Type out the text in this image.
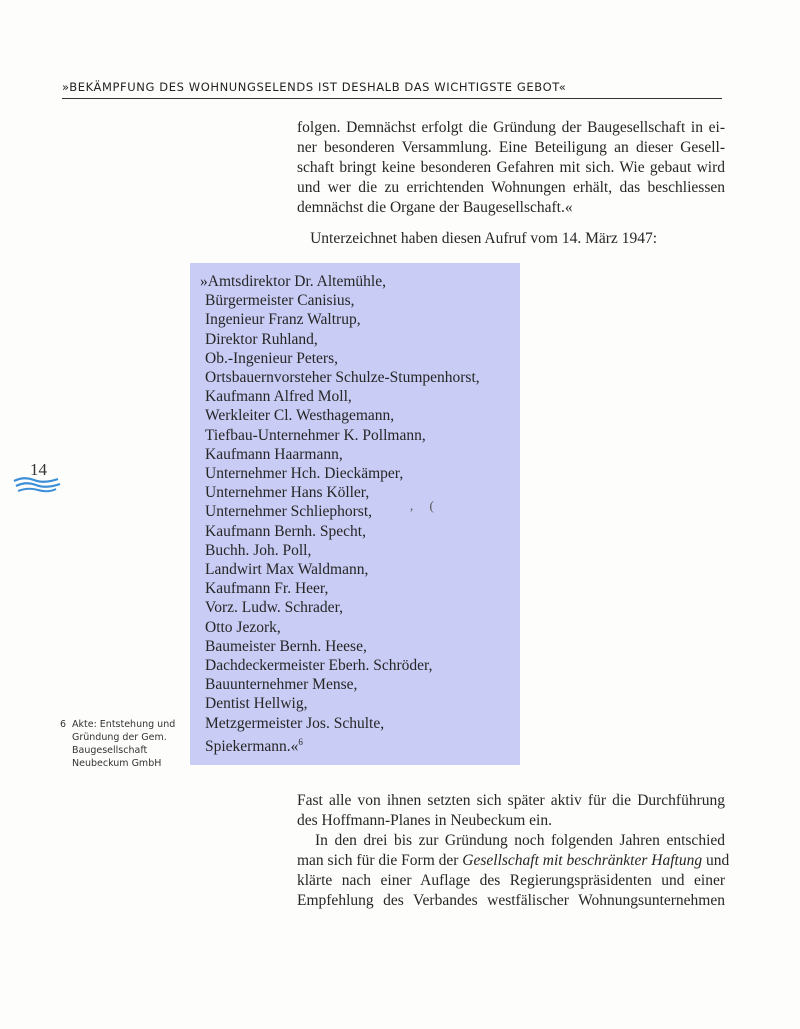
»BEKÄMPFUNG DES WOHNUNGSELENDS IST DESHALB DAS WICHTIGSTE GEBOT«
folgen. Demnächst erfolgt die Gründung der Baugesellschaft in ei-
ner besonderen Versammlung. Eine Beteiligung an dieser Gesell-
schaft bringt keine besonderen Gefahren mit sich. Wie gebaut wird
und wer die zu errichtenden Wohnungen erhält, das beschliessen
demnächst die Organe der Baugesellschaft.«
Unterzeichnet haben diesen Aufruf vom 14. März 1947:
»Amtsdirektor Dr. Altemühle,
Bürgermeister Canisius,
Ingenieur Franz Waltrup,
Direktor Ruhland,
Ob.-Ingenieur Peters,
Ortsbauernvorsteher Schulze-Stumpenhorst,
Kaufmann Alfred Moll,
Werkleiter Cl. Westhagemann,
Tiefbau-Unternehmer K. Pollmann,
Kaufmann Haarmann,
Unternehmer Hch. Dieckämper,
Unternehmer Hans Köller,
Unternehmer Schliephorst,
Kaufmann Bernh. Specht,
Buchh. Joh. Poll,
Landwirt Max Waldmann,
Kaufmann Fr. Heer,
Vorz. Ludw. Schrader,
Otto Jezork,
Baumeister Bernh. Heese,
Dachdeckermeister Eberh. Schröder,
Bauunternehmer Mense,
Dentist Hellwig,
Metzgermeister Jos. Schulte,
Spiekermann.«$^6$
,     (
14
6 Akte: Entstehung und
Gründung der Gem.
Baugesellschaft
Neubeckum GmbH
Fast alle von ihnen setzten sich später aktiv für die Durchführung
des Hoffmann-Planes in Neubeckum ein.
In den drei bis zur Gründung noch folgenden Jahren entschied
man sich für die Form der Gesellschaft mit beschränkter Haftung und
klärte nach einer Auflage des Regierungspräsidenten und einer
Empfehlung des Verbandes westfälischer Wohnungsunternehmen
